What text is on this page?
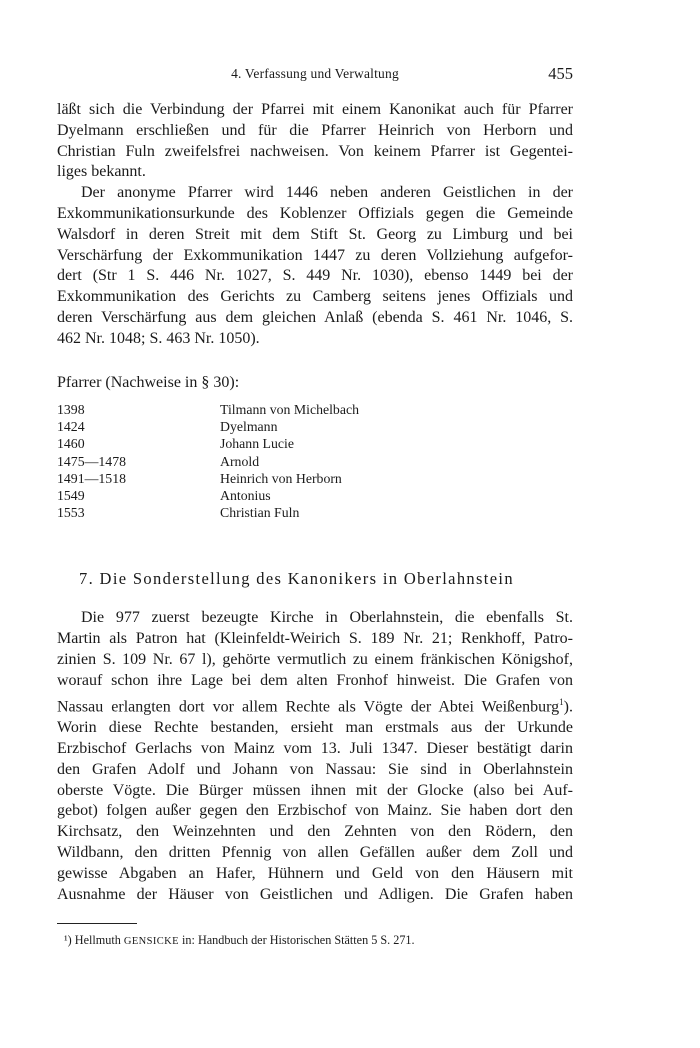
4. Verfassung und Verwaltung	455

läßt sich die Verbindung der Pfarrei mit einem Kanonikat auch für Pfarrer
Dyelmann erschließen und für die Pfarrer Heinrich von Herborn und
Christian Fuln zweifelsfrei nachweisen. Von keinem Pfarrer ist Gegentei-
liges bekannt.

Der anonyme Pfarrer wird 1446 neben anderen Geistlichen in der
Exkommunikationsurkunde des Koblenzer Offizials gegen die Gemeinde
Walsdorf in deren Streit mit dem Stift St. Georg zu Limburg und bei
Verschärfung der Exkommunikation 1447 zu deren Vollziehung aufgefor-
dert (Str 1 S. 446 Nr. 1027, S. 449 Nr. 1030), ebenso 1449 bei der
Exkommunikation des Gerichts zu Camberg seitens jenes Offizials und
deren Verschärfung aus dem gleichen Anlaß (ebenda S. 461 Nr. 1046, S.
462 Nr. 1048; S. 463 Nr. 1050).

Pfarrer (Nachweise in § 30):
1398	Tilmann von Michelbach
1424	Dyelmann
1460	Johann Lucie
1475—1478	Arnold
1491—1518	Heinrich von Herborn
1549	Antonius
1553	Christian Fuln
7. Die Sonderstellung des Kanonikers in Oberlahnstein

Die 977 zuerst bezeugte Kirche in Oberlahnstein, die ebenfalls St.
Martin als Patron hat (Kleinfeldt-Weirich S. 189 Nr. 21; Renkhoff, Patro-
zinien S. 109 Nr. 67 l), gehörte vermutlich zu einem fränkischen Königshof,
worauf schon ihre Lage bei dem alten Fronhof hinweist. Die Grafen von
Nassau erlangten dort vor allem Rechte als Vögte der Abtei Weißenburg$^1$).
Worin diese Rechte bestanden, ersieht man erstmals aus der Urkunde
Erzbischof Gerlachs von Mainz vom 13. Juli 1347. Dieser bestätigt darin
den Grafen Adolf und Johann von Nassau: Sie sind in Oberlahnstein
oberste Vögte. Die Bürger müssen ihnen mit der Glocke (also bei Auf-
gebot) folgen außer gegen den Erzbischof von Mainz. Sie haben dort den
Kirchsatz, den Weinzehnten und den Zehnten von den Rödern, den
Wildbann, den dritten Pfennig von allen Gefällen außer dem Zoll und
gewisse Abgaben an Hafer, Hühnern und Geld von den Häusern mit
Ausnahme der Häuser von Geistlichen und Adligen. Die Grafen haben

¹) Hellmuth GENSICKE in: Handbuch der Historischen Stätten 5 S. 271.
